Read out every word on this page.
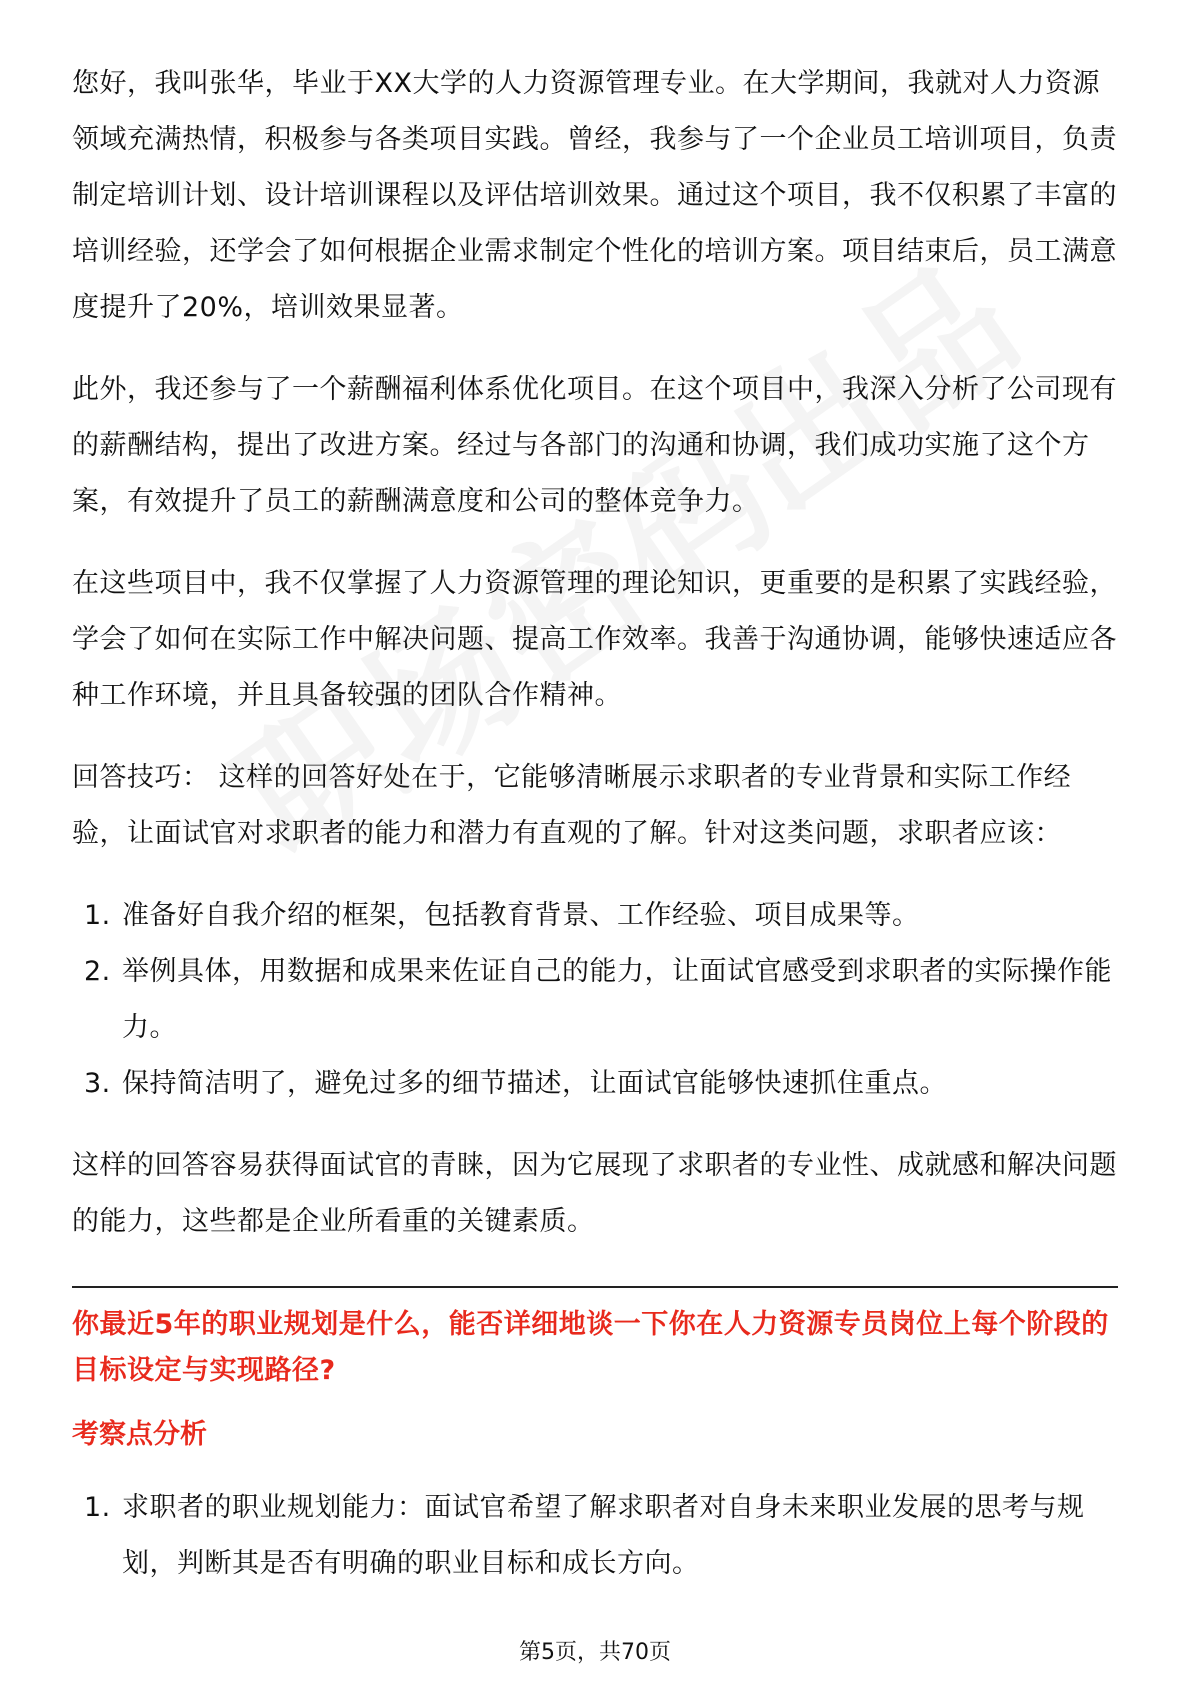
您好，我叫张华，毕业于XX大学的人力资源管理专业。在大学期间，我就对人力资源领域充满热情，积极参与各类项目实践。曾经，我参与了一个企业员工培训项目，负责制定培训计划、设计培训课程以及评估培训效果。通过这个项目，我不仅积累了丰富的培训经验，还学会了如何根据企业需求制定个性化的培训方案。项目结束后，员工满意度提升了20%，培训效果显著。

此外，我还参与了一个薪酬福利体系优化项目。在这个项目中，我深入分析了公司现有的薪酬结构，提出了改进方案。经过与各部门的沟通和协调，我们成功实施了这个方案，有效提升了员工的薪酬满意度和公司的整体竞争力。

在这些项目中，我不仅掌握了人力资源管理的理论知识，更重要的是积累了实践经验，学会了如何在实际工作中解决问题、提高工作效率。我善于沟通协调，能够快速适应各种工作环境，并且具备较强的团队合作精神。

回答技巧： 这样的回答好处在于，它能够清晰展示求职者的专业背景和实际工作经验，让面试官对求职者的能力和潜力有直观的了解。针对这类问题，求职者应该：

1. 准备好自我介绍的框架，包括教育背景、工作经验、项目成果等。
2. 举例具体，用数据和成果来佐证自己的能力，让面试官感受到求职者的实际操作能力。
3. 保持简洁明了，避免过多的细节描述，让面试官能够快速抓住重点。

这样的回答容易获得面试官的青睐，因为它展现了求职者的专业性、成就感和解决问题的能力，这些都是企业所看重的关键素质。

你最近5年的职业规划是什么，能否详细地谈一下你在人力资源专员岗位上每个阶段的目标设定与实现路径?
考察点分析
1. 求职者的职业规划能力：面试官希望了解求职者对自身未来职业发展的思考与规划，判断其是否有明确的职业目标和成长方向。
第5页，共70页
